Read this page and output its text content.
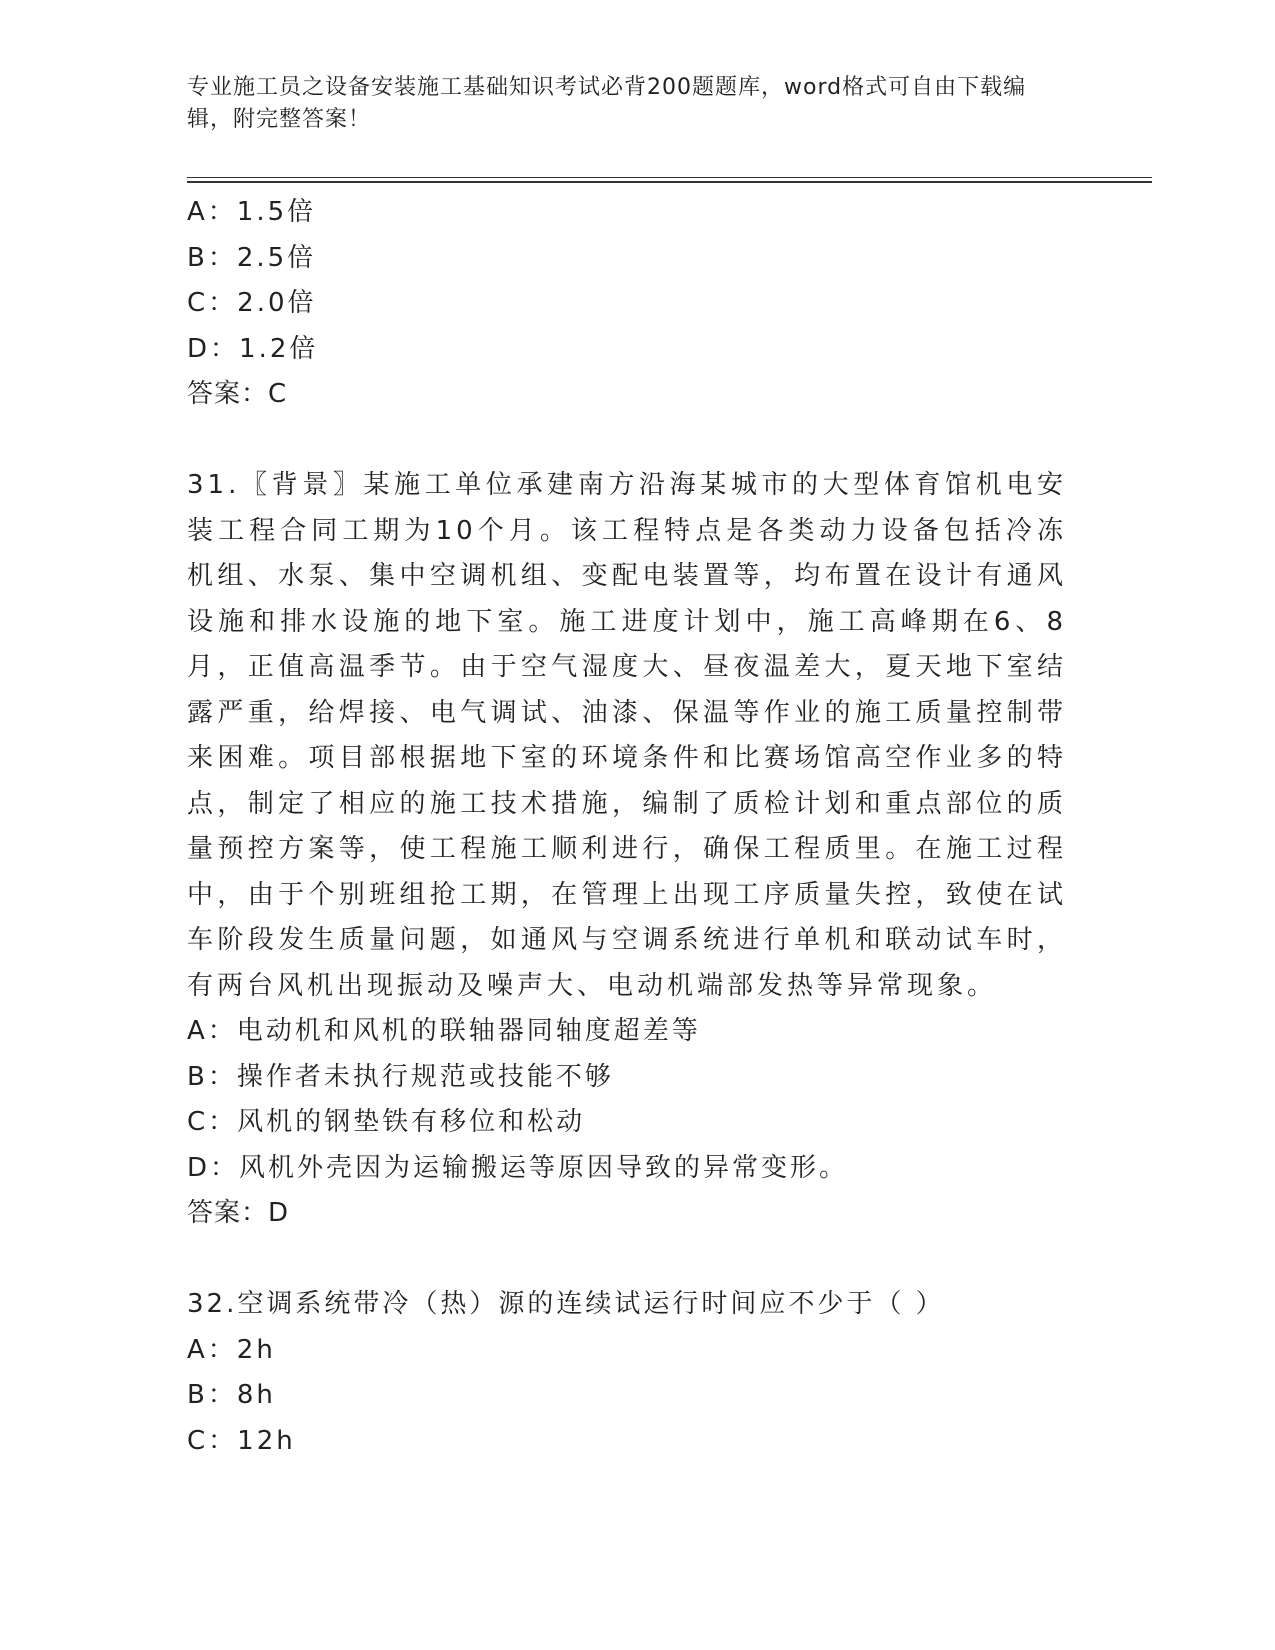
专业施工员之设备安装施工基础知识考试必背200题题库，word格式可自由下载编辑，附完整答案！
A：1.5倍
B：2.5倍
C：2.0倍
D：1.2倍
答案：C
31.〖背景〗某施工单位承建南方沿海某城市的大型体育馆机电安装工程合同工期为10个月。该工程特点是各类动力设备包括冷冻机组、水泵、集中空调机组、变配电装置等，均布置在设计有通风设施和排水设施的地下室。施工进度计划中，施工高峰期在6、8月，正值高温季节。由于空气湿度大、昼夜温差大，夏天地下室结露严重，给焊接、电气调试、油漆、保温等作业的施工质量控制带来困难。项目部根据地下室的环境条件和比赛场馆高空作业多的特点，制定了相应的施工技术措施，编制了质检计划和重点部位的质量预控方案等，使工程施工顺利进行，确保工程质里。在施工过程中，由于个别班组抢工期，在管理上出现工序质量失控，致使在试车阶段发生质量问题，如通风与空调系统进行单机和联动试车时，有两台风机出现振动及噪声大、电动机端部发热等异常现象。
A：电动机和风机的联轴器同轴度超差等
B：操作者未执行规范或技能不够
C：风机的钢垫铁有移位和松动
D：风机外壳因为运输搬运等原因导致的异常变形。
答案：D
32.空调系统带冷（热）源的连续试运行时间应不少于（ ）
A：2h
B：8h
C：12h
